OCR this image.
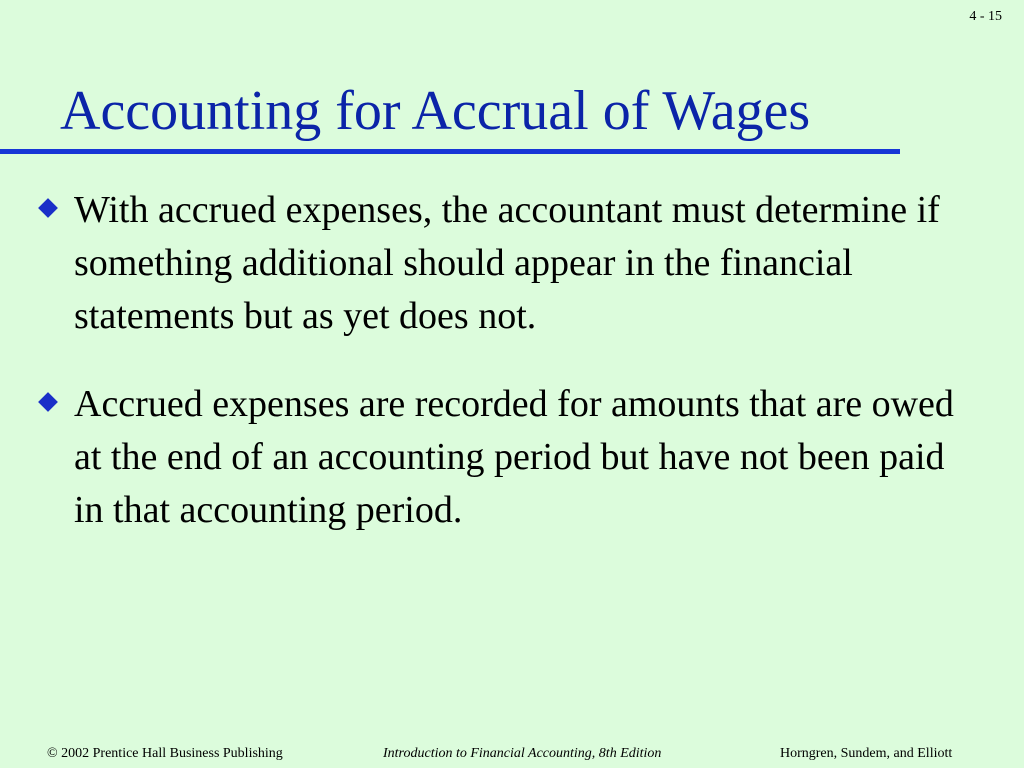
4 - 15
Accounting for Accrual of Wages
With accrued expenses, the accountant must determine if something additional should appear in the financial statements but as yet does not.
Accrued expenses are recorded for amounts that are owed at the end of an accounting period but have not been paid in that accounting period.
© 2002 Prentice Hall Business Publishing	Introduction to Financial Accounting, 8th Edition	Horngren, Sundem, and Elliott
